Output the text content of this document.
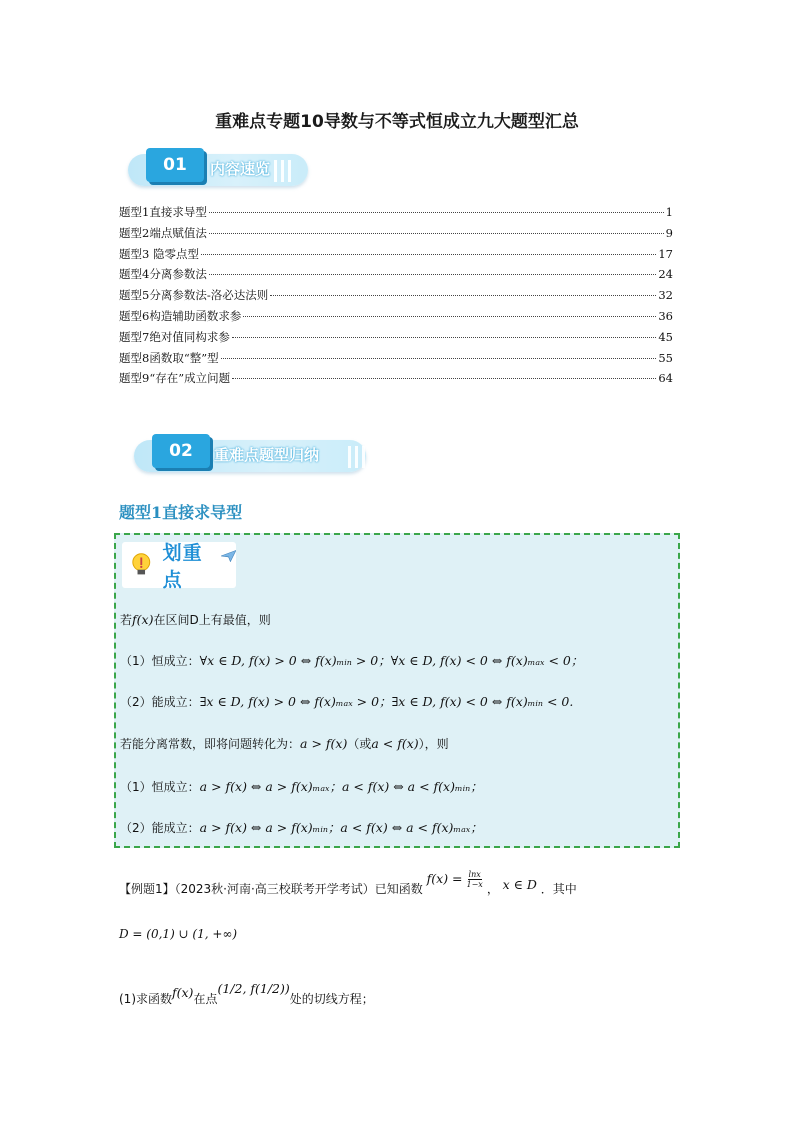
重难点专题10导数与不等式恒成立九大题型汇总
01	内容速览
题型1直接求导型	1
题型2端点赋值法	9
题型3 隐零点型	17
题型4分离参数法	24
题型5分离参数法-洛必达法则	32
题型6构造辅助函数求参	36
题型7绝对值同构求参	45
题型8函数取“整”型	55
题型9“存在”成立问题	64
02	重难点题型归纳
题型1直接求导型
划重点
若f(x)在区间D上有最值，则
（1）恒成立：∀x ∈ D, f(x) > 0 ⇔ f(x)ₘᵢₙ > 0；∀x ∈ D, f(x) < 0 ⇔ f(x)ₘₐₓ < 0；
（2）能成立：∃x ∈ D, f(x) > 0 ⇔ f(x)ₘₐₓ > 0；∃x ∈ D, f(x) < 0 ⇔ f(x)ₘᵢₙ < 0.
若能分离常数，即将问题转化为：a > f(x)（或a < f(x)），则
（1）恒成立：a > f(x) ⇔ a > f(x)ₘₐₓ；a < f(x) ⇔ a < f(x)ₘᵢₙ；
（2）能成立：a > f(x) ⇔ a > f(x)ₘᵢₙ；a < f(x) ⇔ a < f(x)ₘₐₓ；
【例题1】（2023秋·河南·高三校联考开学考试）已知函数 $f(x) = \frac{\ln x}{1-x}$ ， x ∈ D ．其中
D = (0,1) ∪ (1, +∞)
(1)求函数f(x)在点(1/2, f(1/2))处的切线方程；
